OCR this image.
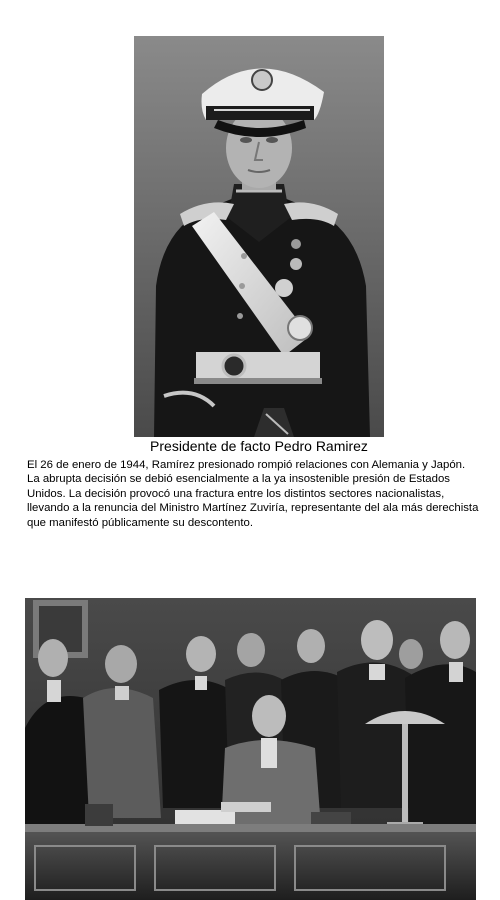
Presidente de facto Pedro Ramirez

El 26 de enero de 1944, Ramírez presionado rompió relaciones con Alemania y Japón. La abrupta decisión se debió esencialmente a la ya insostenible presión de Estados Unidos. La decisión provocó una fractura entre los distintos sectores nacionalistas, llevando a la renuncia del Ministro Martínez Zuviría, representante del ala más derechista que manifestó públicamente su descontento.
